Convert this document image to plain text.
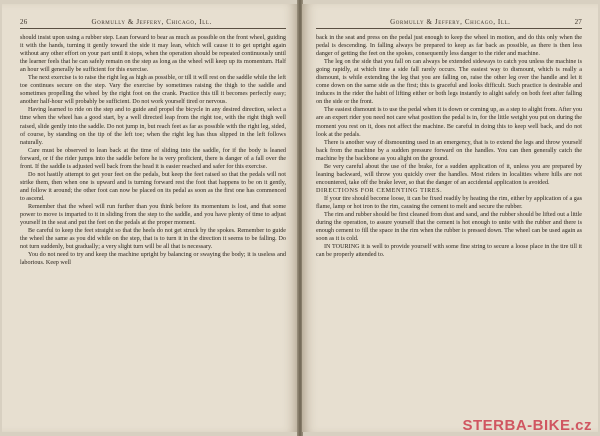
26	Gormully & Jeffery, Chicago, Ill.

should insist upon using a rubber step. Lean forward to bear as much as possible on the front wheel, guiding it with the hands, turning it gently toward the side it may lean, which will cause it to get upright again without any other effort on your part until it stops, when the operation should be repeated continuously until the learner feels that he can safely remain on the step as long as the wheel will keep up its momentum. Half an hour will generally be sufficient for this exercise.

The next exercise is to raise the right leg as high as possible, or till it will rest on the saddle while the left toe continues secure on the step. Vary the exercise by sometimes raising the thigh to the saddle and sometimes propelling the wheel by the right foot on the crank. Practice this till it becomes perfectly easy; another half-hour will probably be sufficient. Do not work yourself tired or nervous.

Having learned to ride on the step and to guide and propel the bicycle in any desired direction, select a time when the wheel has a good start, by a well directed leap from the right toe, with the right thigh well raised, slide gently into the saddle. Do not jump in, but reach feet as far as possible with the right leg, sided, of course, by standing on the tip of the left toe; when the right leg has thus slipped in the left follows naturally.

Care must be observed to lean back at the time of sliding into the saddle, for if the body is leaned forward, or if the rider jumps into the saddle before he is very proficient, there is danger of a fall over the front. If the saddle is adjusted well back from the head it is easier reached and safer for this exercise.

Do not hastily attempt to get your feet on the pedals, but keep the feet raised so that the pedals will not strike them, then when one is upward and is turning forward rest the foot that happens to be on it gently, and follow it around; the other foot can now be placed on its pedal as soon as the first one has commenced to ascend.

Remember that the wheel will run further than you think before its momentum is lost, and that some power to move is imparted to it in sliding from the step to the saddle, and you have plenty of time to adjust yourself in the seat and put the feet on the pedals at the proper moment.

Be careful to keep the feet straight so that the heels do not get struck by the spokes. Remember to guide the wheel the same as you did while on the step, that is to turn it in the direction it seems to be falling. Do not turn suddenly, but gradually; a very slight turn will be all that is necessary.

You do not need to try and keep the machine upright by balancing or swaying the body; it is useless and laborious. Keep well

Gormully & Jeffery, Chicago, Ill.	27

back in the seat and press on the pedal just enough to keep the wheel in motion, and do this only when the pedal is descending. In falling always be prepared to keep as far back as possible, as there is then less danger of getting the feet on the spokes, consequently less danger to the rider and machine.

The leg on the side that you fall on can always be extended sideways to catch you unless the machine is going rapidly, at which time a side fall rarely occurs. The easiest way to dismount, which is really a dismount, is while extending the leg that you are falling on, raise the other leg over the handle and let it come down on the same side as the first; this is graceful and looks difficult. Such practice is desirable and induces in the rider the habit of lifting either or both legs instantly to alight safely on both feet after falling on the side or the front.

The easiest dismount is to use the pedal when it is down or coming up, as a step to alight from. After you are an expert rider you need not care what position the pedal is in, for the little weight you put on during the moment you rest on it, does not affect the machine. Be careful in doing this to keep well back, and do not look at the pedals.

There is another way of dismounting used in an emergency, that is to extend the legs and throw yourself back from the machine by a sudden pressure forward on the handles. You can then generally catch the machine by the backbone as you alight on the ground.

Be very careful about the use of the brake, for a sudden application of it, unless you are prepared by leaning backward, will throw you quickly over the handles. Most riders in localities where hills are not encountered, take off the brake lever, so that the danger of an accidental application is avoided.

DIRECTIONS FOR CEMENTING TIRES.

If your tire should become loose, it can be fixed readily by heating the rim, either by application of a gas flame, lamp or hot iron to the rim, causing the cement to melt and secure the rubber.

The rim and rubber should be first cleaned from dust and sand, and the rubber should be lifted out a little during the operation, to assure yourself that the cement is hot enough to unite with the rubber and there is enough cement to fill the space in the rim when the rubber is pressed down. The wheel can be used again as soon as it is cold.

IN TOURING it is well to provide yourself with some fine string to secure a loose place in the tire till it can be properly attended to.

STERBA-BIKE.cz
